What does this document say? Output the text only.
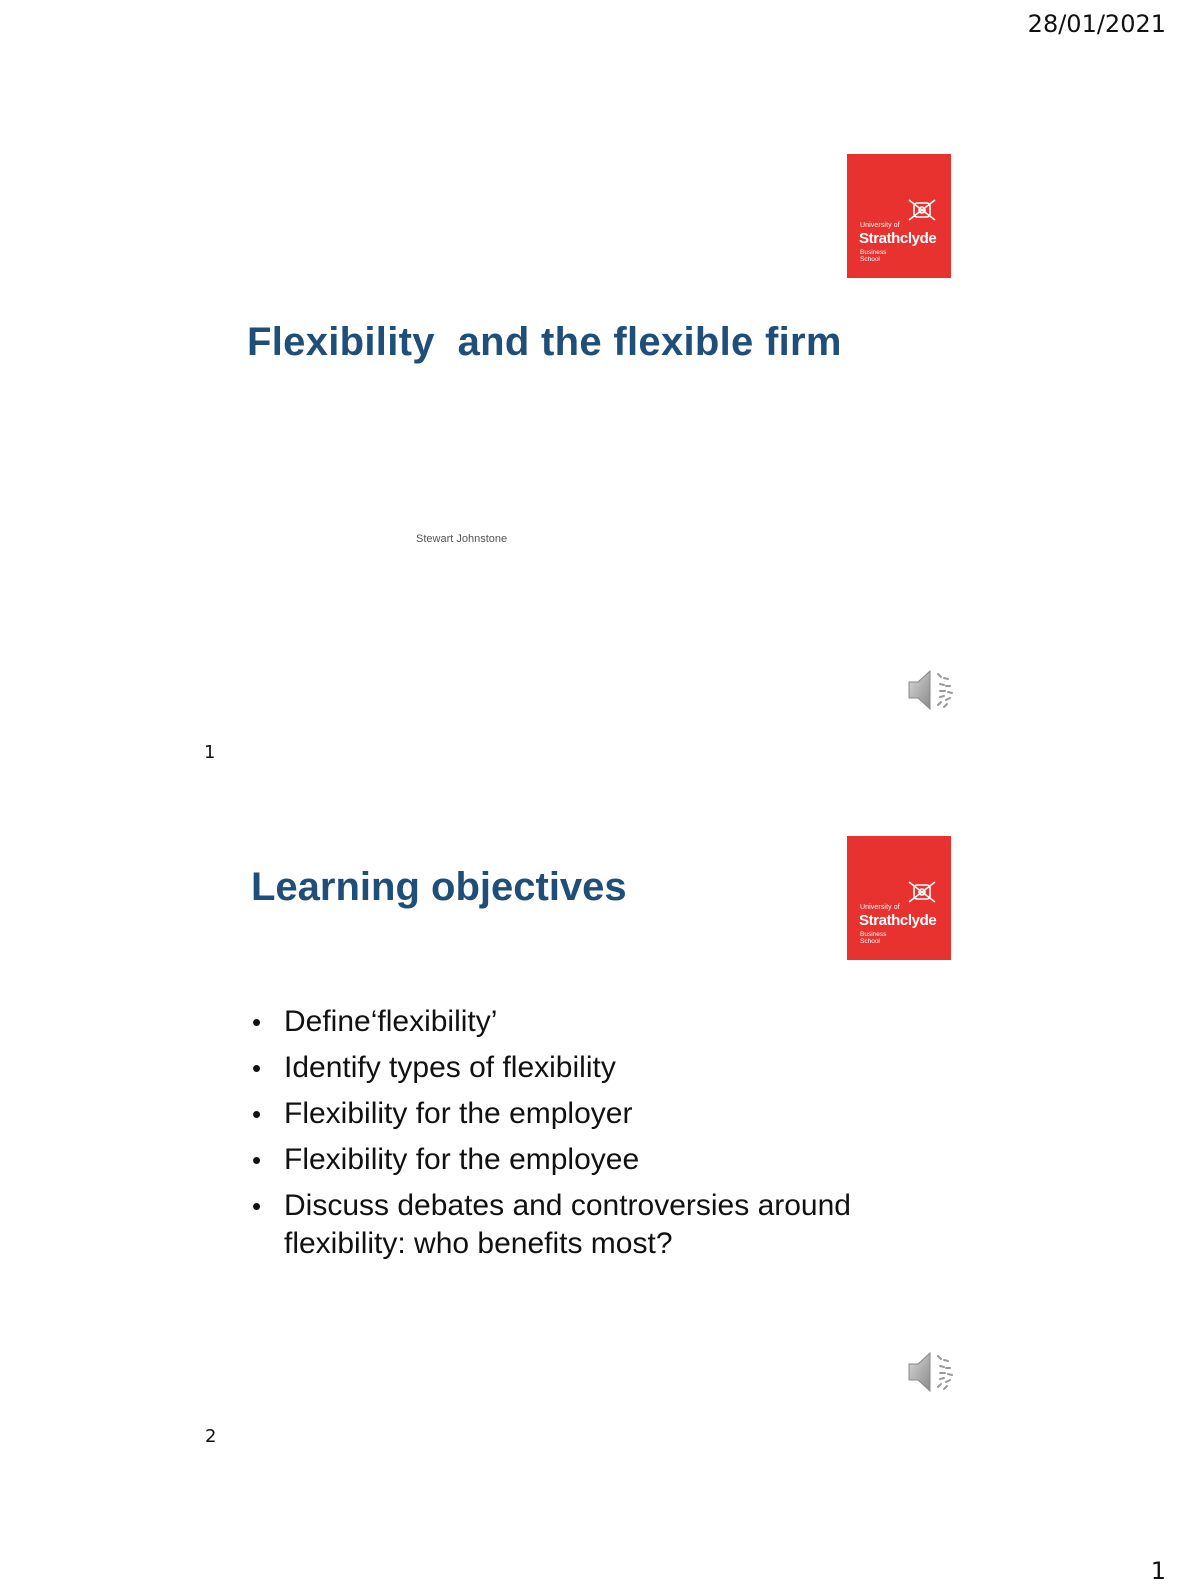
28/01/2021
University of
Strathclyde
Business
School
Flexibility  and the flexible firm
Stewart Johnstone
1
University of
Strathclyde
Business
School
Learning objectives
• Define‘flexibility’
• Identify types of flexibility
• Flexibility for the employer
• Flexibility for the employee
• Discuss debates and controversies around flexibility: who benefits most?
2
1
